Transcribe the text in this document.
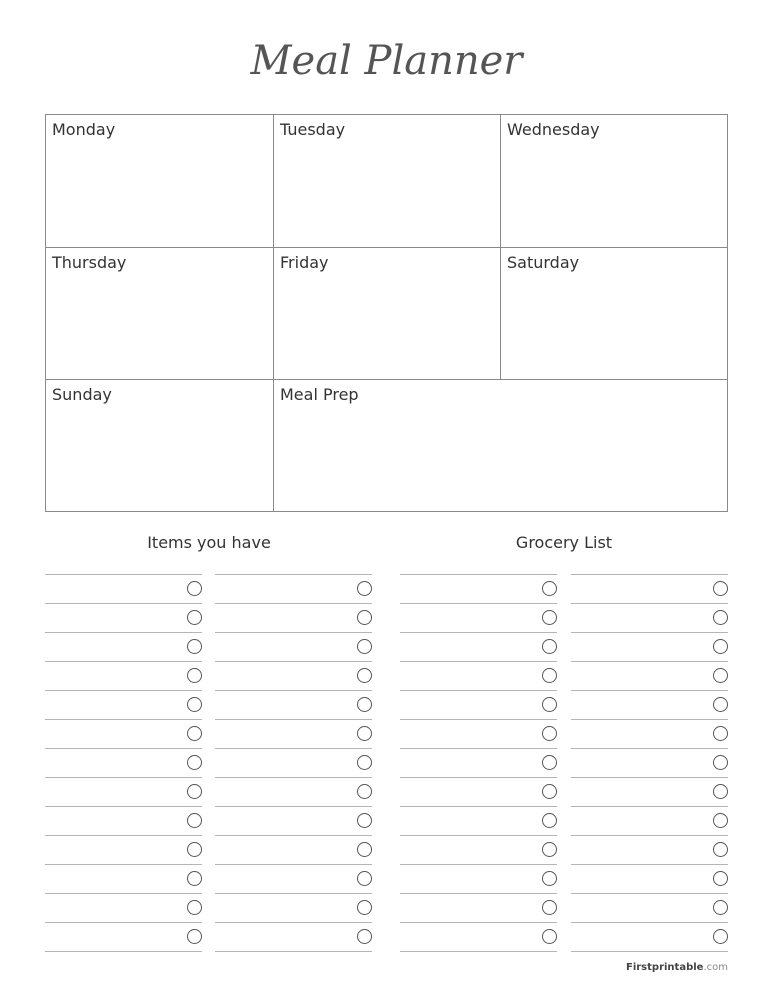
Meal Planner
Monday	Tuesday	Wednesday
Thursday	Friday	Saturday
Sunday	Meal Prep
Items you have	Grocery List
Firstprintable.com
